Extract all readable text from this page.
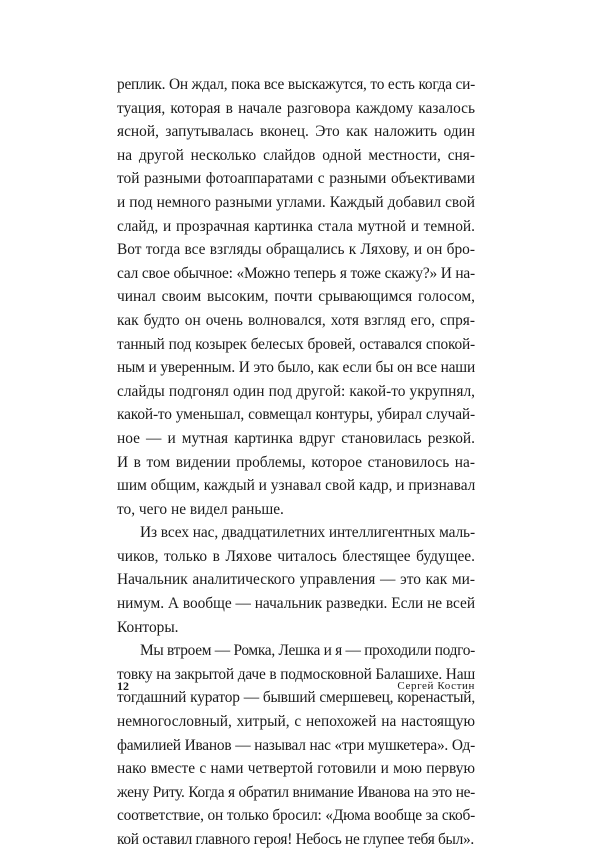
реплик. Он ждал, пока все выскажутся, то есть когда си-
туация, которая в начале разговора каждому казалось
ясной, запутывалась вконец. Это как наложить один
на другой несколько слайдов одной местности, сня-
той разными фотоаппаратами с разными объективами
и под немного разными углами. Каждый добавил свой
слайд, и прозрачная картинка стала мутной и темной.
Вот тогда все взгляды обращались к Ляхову, и он бро-
сал свое обычное: «Можно теперь я тоже скажу?» И на-
чинал своим высоким, почти срывающимся голосом,
как будто он очень волновался, хотя взгляд его, спря-
танный под козырек белесых бровей, оставался спокой-
ным и уверенным. И это было, как если бы он все наши
слайды подгонял один под другой: какой-то укрупнял,
какой-то уменьшал, совмещал контуры, убирал случай-
ное — и мутная картинка вдруг становилась резкой.
И в том видении проблемы, которое становилось на-
шим общим, каждый и узнавал свой кадр, и признавал
то, чего не видел раньше.
Из всех нас, двадцатилетних интеллигентных маль-
чиков, только в Ляхове читалось блестящее будущее.
Начальник аналитического управления — это как ми-
нимум. А вообще — начальник разведки. Если не всей
Конторы.
Мы втроем — Ромка, Лешка и я — проходили подго-
товку на закрытой даче в подмосковной Балашихе. Наш
тогдашний куратор — бывший смершевец, коренастый,
немногословный, хитрый, с непохожей на настоящую
фамилией Иванов — называл нас «три мушкетера». Од-
нако вместе с нами четвертой готовили и мою первую
жену Риту. Когда я обратил внимание Иванова на это не-
соответствие, он только бросил: «Дюма вообще за скоб-
кой оставил главного героя! Небось не глупее тебя был».
12	Сергей Костин
